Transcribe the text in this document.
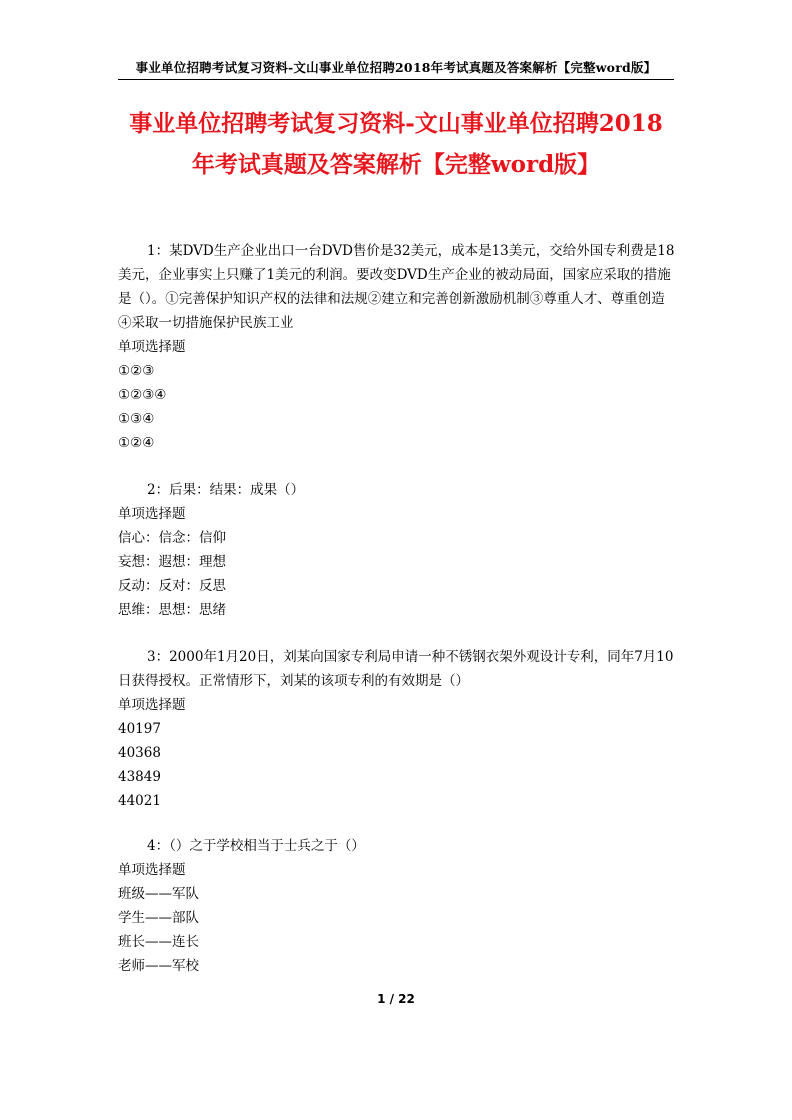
事业单位招聘考试复习资料-文山事业单位招聘2018年考试真题及答案解析【完整word版】
事业单位招聘考试复习资料-文山事业单位招聘2018
年考试真题及答案解析【完整word版】

1：某DVD生产企业出口一台DVD售价是32美元，成本是13美元，交给外国专利费是18美元，企业事实上只赚了1美元的利润。要改变DVD生产企业的被动局面，国家应采取的措施是（）。①完善保护知识产权的法律和法规②建立和完善创新激励机制③尊重人才、尊重创造④采取一切措施保护民族工业

单项选择题

①②③

①②③④

①③④

①②④

2：后果：结果：成果（）

单项选择题

信心：信念：信仰

妄想：遐想：理想

反动：反对：反思

思维：思想：思绪

3：2000年1月20日，刘某向国家专利局申请一种不锈钢衣架外观设计专利，同年7月10日获得授权。正常情形下，刘某的该项专利的有效期是（）

单项选择题

40197

40368

43849

44021

4：（）之于学校相当于士兵之于（）

单项选择题

班级——军队

学生——部队

班长——连长

老师——军校

1 / 22
